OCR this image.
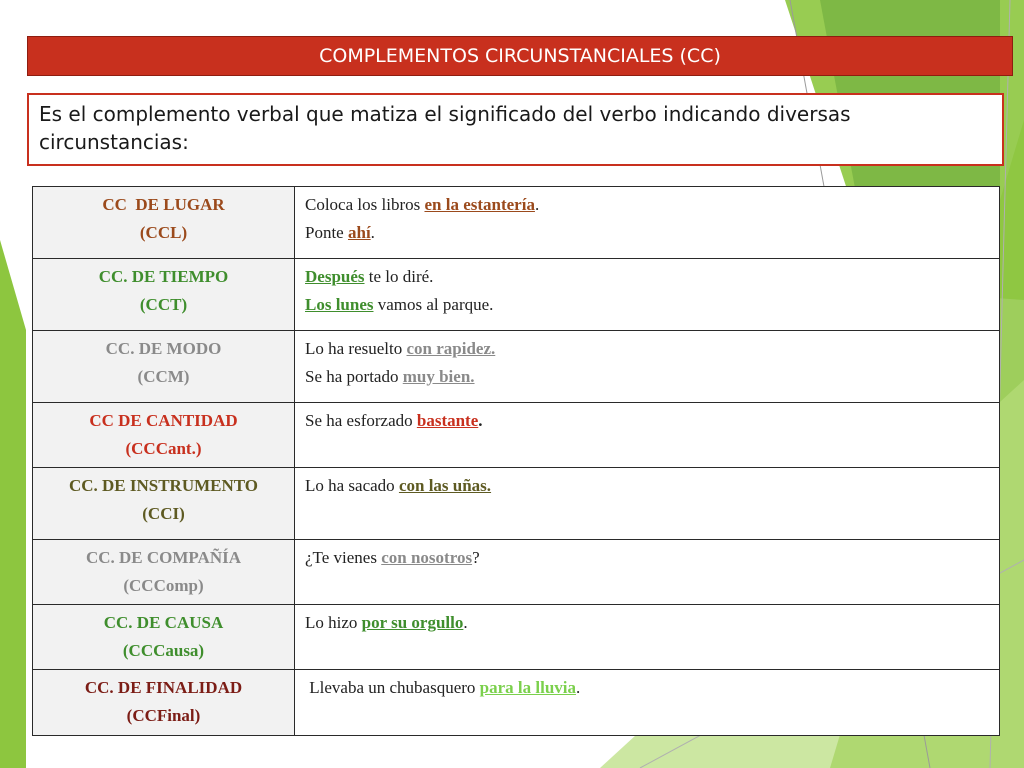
COMPLEMENTOS CIRCUNSTANCIALES (CC)
Es el complemento verbal que matiza el significado del verbo indicando diversas circunstancias:
CC  DE LUGAR
(CCL)	Coloca los libros en la estantería.
Ponte ahí.

CC. DE TIEMPO
(CCT)	Después te lo diré.
Los lunes vamos al parque.

CC. DE MODO
(CCM)	Lo ha resuelto con rapidez.
Se ha portado muy bien.

CC DE CANTIDAD
(CCCant.)	Se ha esforzado bastante.

CC. DE INSTRUMENTO
(CCI)	Lo ha sacado con las uñas.

CC. DE COMPAÑÍA
(CCComp)	¿Te vienes con nosotros?

CC. DE CAUSA
(CCCausa)	Lo hizo por su orgullo.

CC. DE FINALIDAD
(CCFinal)	Llevaba un chubasquero para la lluvia.
